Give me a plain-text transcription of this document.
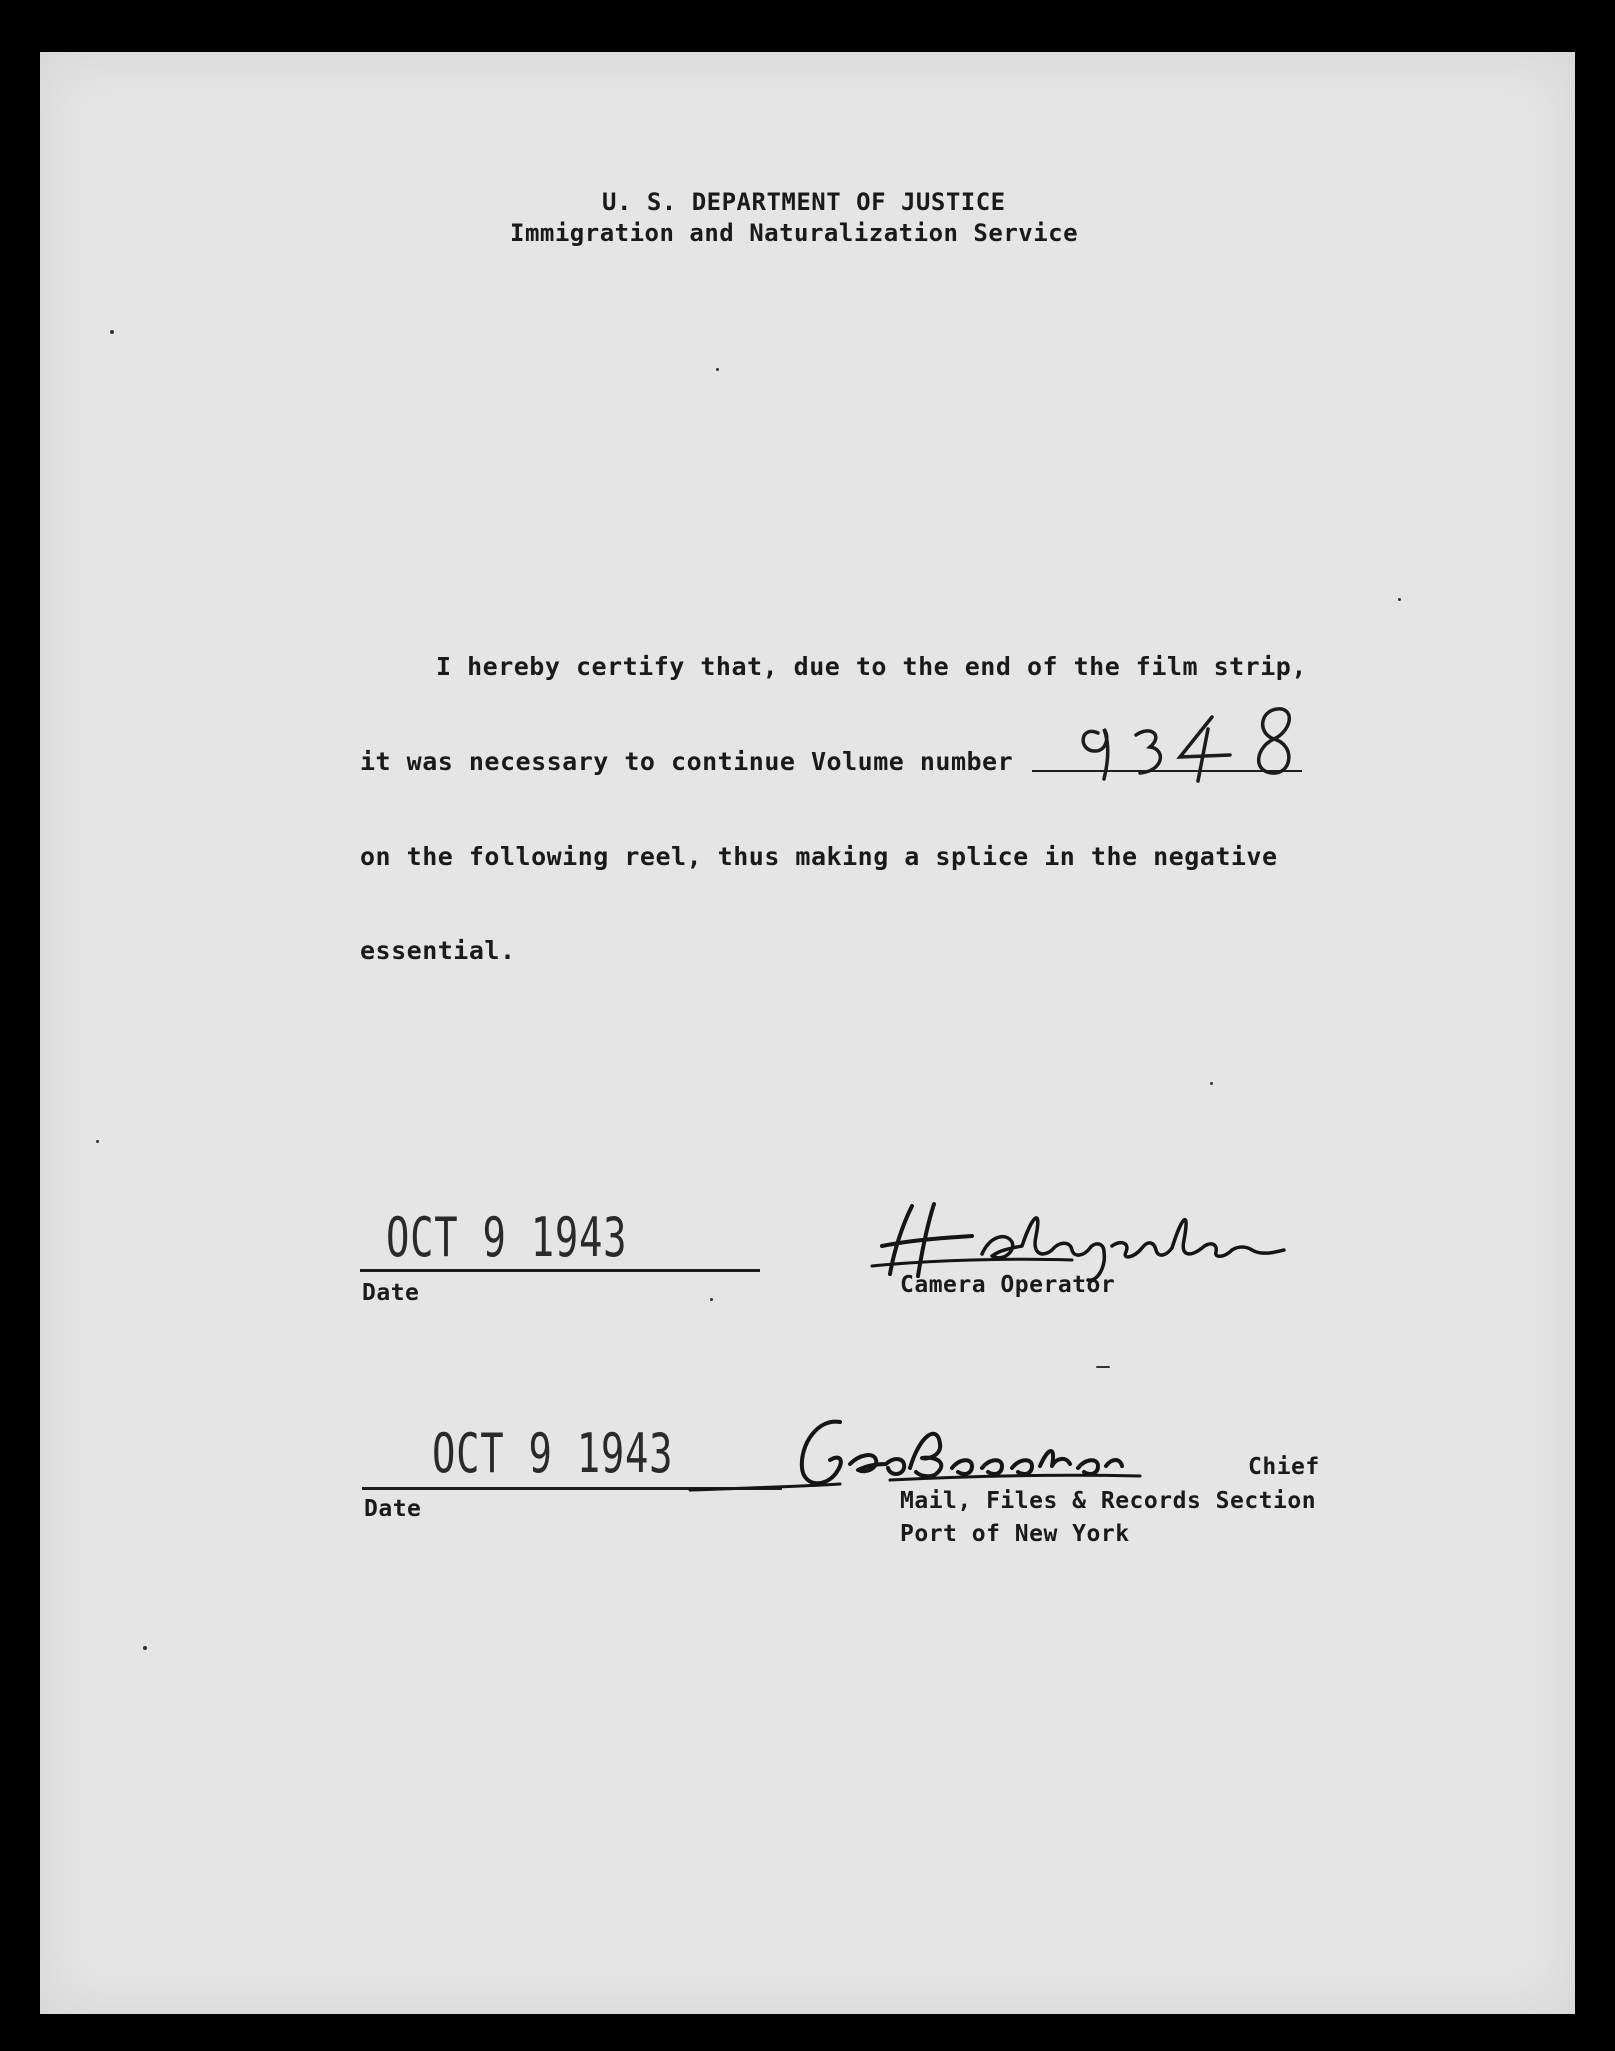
U. S. DEPARTMENT OF JUSTICE
Immigration and Naturalization Service
I hereby certify that, due to the end of the film strip,
it was necessary to continue Volume number
on the following reel, thus making a splice in the negative
essential.
OCT 9 1943
Date	Camera Operator
OCT 9 1943
Date
Chief
Mail, Files & Records Section
Port of New York
